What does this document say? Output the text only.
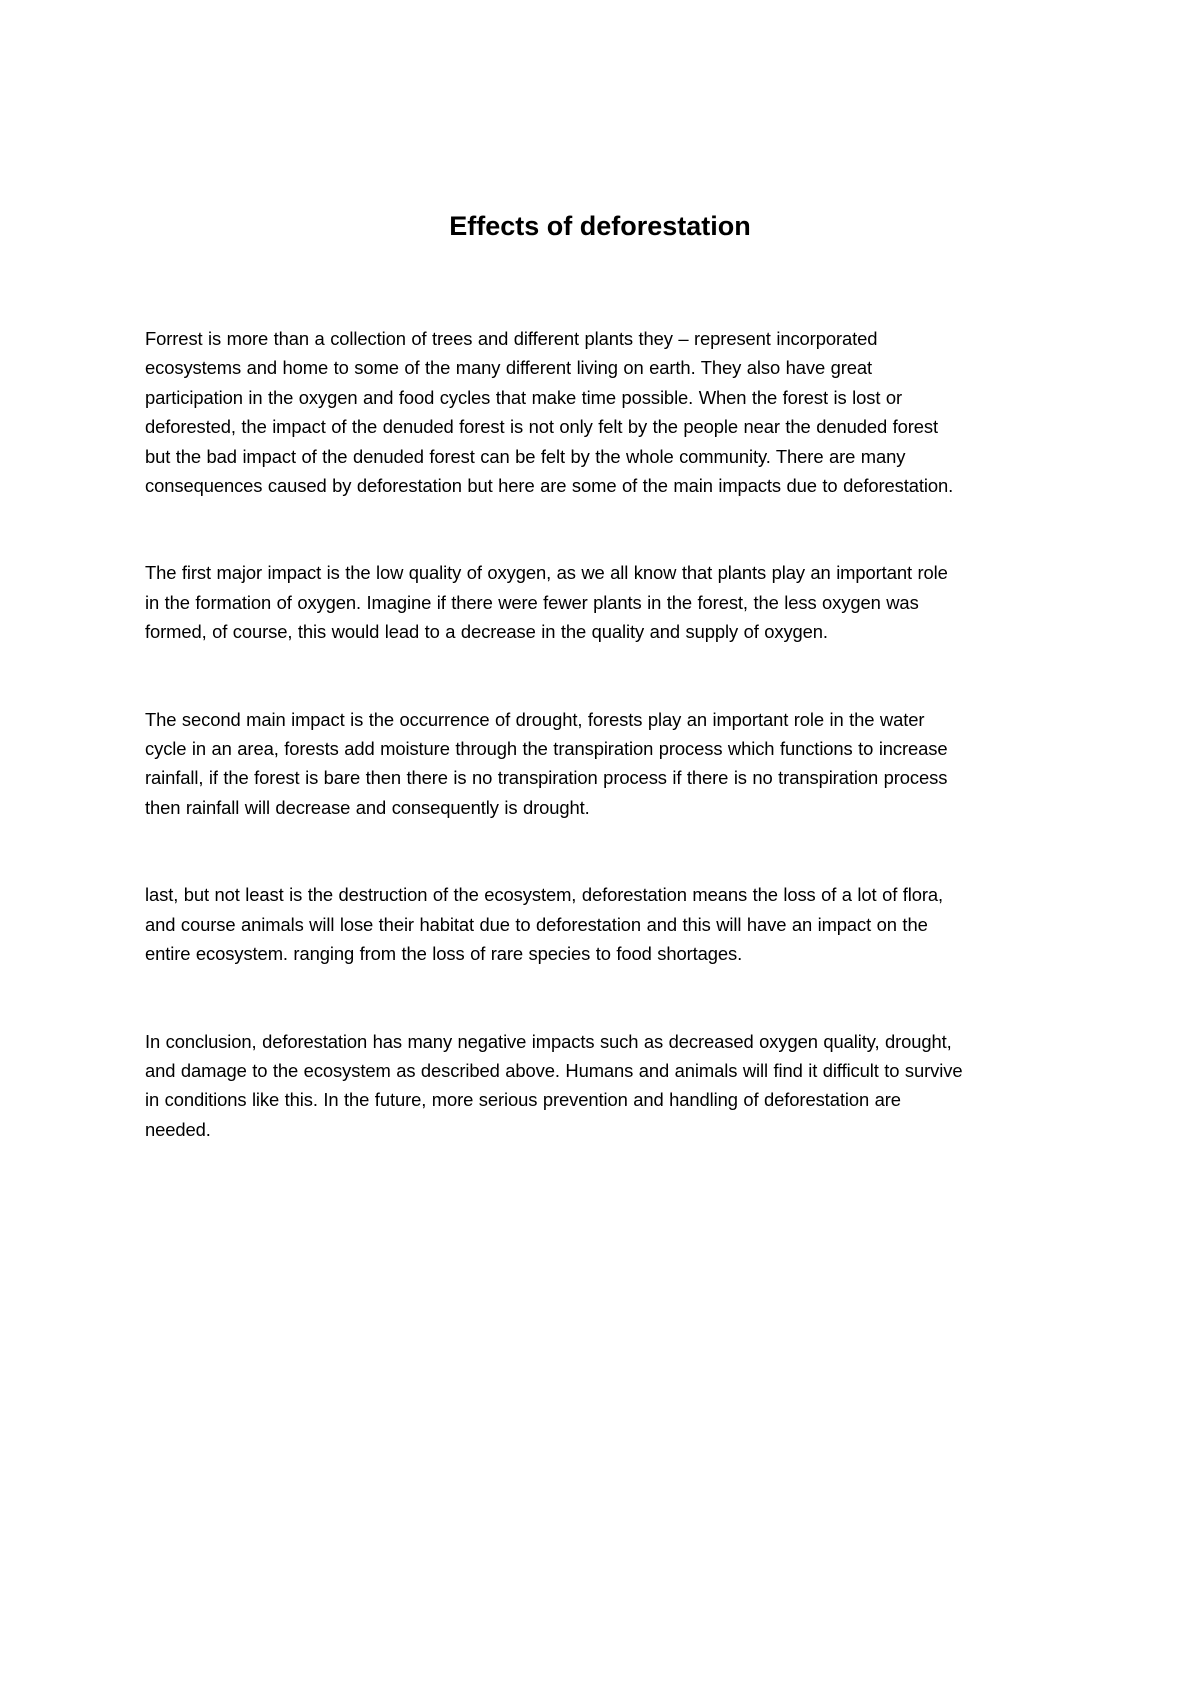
Effects of deforestation

Forrest is more than a collection of trees and different plants they – represent incorporated
ecosystems and home to some of the many different living on earth. They also have great
participation in the oxygen and food cycles that make time possible. When the forest is lost or
deforested, the impact of the denuded forest is not only felt by the people near the denuded forest
but the bad impact of the denuded forest can be felt by the whole community. There are many
consequences caused by deforestation but here are some of the main impacts due to deforestation.

The first major impact is the low quality of oxygen, as we all know that plants play an important role
in the formation of oxygen. Imagine if there were fewer plants in the forest, the less oxygen was
formed, of course, this would lead to a decrease in the quality and supply of oxygen.

The second main impact is the occurrence of drought, forests play an important role in the water
cycle in an area, forests add moisture through the transpiration process which functions to increase
rainfall, if the forest is bare then there is no transpiration process if there is no transpiration process
then rainfall will decrease and consequently is drought.

last, but not least is the destruction of the ecosystem, deforestation means the loss of a lot of flora,
and course animals will lose their habitat due to deforestation and this will have an impact on the
entire ecosystem. ranging from the loss of rare species to food shortages.

In conclusion, deforestation has many negative impacts such as decreased oxygen quality, drought,
and damage to the ecosystem as described above. Humans and animals will find it difficult to survive
in conditions like this. In the future, more serious prevention and handling of deforestation are
needed.
